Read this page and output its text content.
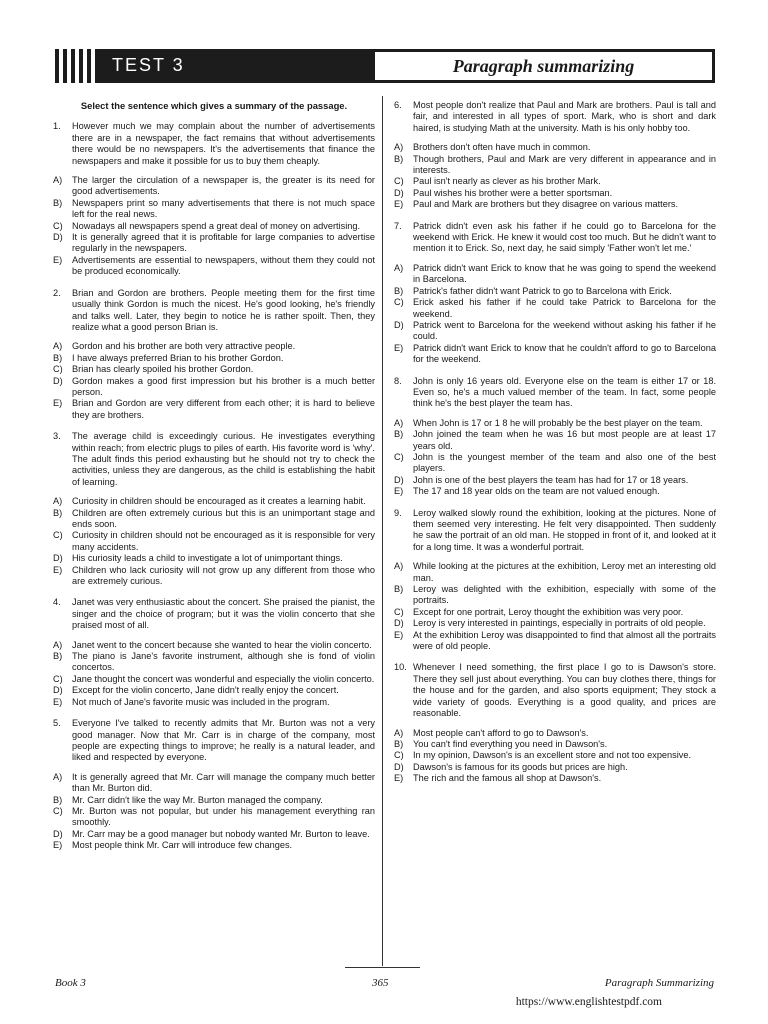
TEST 3	Paragraph summarizing
Select the sentence which gives a summary of the passage.
1.	However much we may complain about the number of advertisements there are in a newspaper, the fact remains that without advertisements there would be no newspapers. It's the advertisements that finance the newspapers and make it possible for us to buy them cheaply.
A)	The larger the circulation of a newspaper is, the greater is its need for good advertisements.
B)	Newspapers print so many advertisements that there is not much space left for the real news.
C)	Nowadays all newspapers spend a great deal of money on advertising.
D)	It is generally agreed that it is profitable for large companies to advertise regularly in the newspapers.
E)	Advertisements are essential to newspapers, without them they could not be produced economically.
2.	Brian and Gordon are brothers. People meeting them for the first time usually think Gordon is much the nicest. He's good looking, he's friendly and talks well. Later, they begin to notice he is rather spoilt. Then, they realize what a good person Brian is.
A)	Gordon and his brother are both very attractive people.
B)	I have always preferred Brian to his brother Gordon.
C)	Brian has clearly spoiled his brother Gordon.
D)	Gordon makes a good first impression but his brother is a much better person.
E)	Brian and Gordon are very different from each other; it is hard to believe they are brothers.
3.	The average child is exceedingly curious. He investigates everything within reach; from electric plugs to piles of earth. His favorite word is 'why'. The adult finds this period exhausting but he should not try to check the activities, unless they are dangerous, as the child is establishing the habit of learning.
A)	Curiosity in children should be encouraged as it creates a learning habit.
B)	Children are often extremely curious but this is an unimportant stage and ends soon.
C)	Curiosity in children should not be encouraged as it is responsible for very many accidents.
D)	His curiosity leads a child to investigate a lot of unimportant things.
E)	Children who lack curiosity will not grow up any different from those who are extremely curious.
4.	Janet was very enthusiastic about the concert. She praised the pianist, the singer and the choice of program; but it was the violin concerto that she praised most of all.
A)	Janet went to the concert because she wanted to hear the violin concerto.
B)	The piano is Jane's favorite instrument, although she is fond of violin concertos.
C)	Jane thought the concert was wonderful and especially the violin concerto.
D)	Except for the violin concerto, Jane didn't really enjoy the concert.
E)	Not much of Jane's favorite music was included in the program.
5.	Everyone I've talked to recently admits that Mr. Burton was not a very good manager. Now that Mr. Carr is in charge of the company, most people are expecting things to improve; he really is a natural leader, and liked and respected by everyone.
A)	It is generally agreed that Mr. Carr will manage the company much better than Mr. Burton did.
B)	Mr. Carr didn't like the way Mr. Burton managed the company.
C)	Mr. Burton was not popular, but under his management everything ran smoothly.
D)	Mr. Carr may be a good manager but nobody wanted Mr. Burton to leave.
E)	Most people think Mr. Carr will introduce few changes.
6.	Most people don't realize that Paul and Mark are brothers. Paul is tall and fair, and interested in all types of sport. Mark, who is short and dark haired, is studying Math at the university. Math is his only hobby too.
A)	Brothers don't often have much in common.
B)	Though brothers, Paul and Mark are very different in appearance and in interests.
C)	Paul isn't nearly as clever as his brother Mark.
D)	Paul wishes his brother were a better sportsman.
E)	Paul and Mark are brothers but they disagree on various matters.
7.	Patrick didn't even ask his father if he could go to Barcelona for the weekend with Erick. He knew it would cost too much. But he didn't want to mention it to Erick. So, next day, he said simply 'Father won't let me.'
A)	Patrick didn't want Erick to know that he was going to spend the weekend in Barcelona.
B)	Patrick's father didn't want Patrick to go to Barcelona with Erick.
C)	Erick asked his father if he could take Patrick to Barcelona for the weekend.
D)	Patrick went to Barcelona for the weekend without asking his father if he could.
E)	Patrick didn't want Erick to know that he couldn't afford to go to Barcelona for the weekend.
8.	John is only 16 years old. Everyone else on the team is either 17 or 18. Even so, he's a much valued member of the team. In fact, some people think he's the best player the team has.
A)	When John is 17 or 1 8 he will probably be the best player on the team.
B)	John joined the team when he was 16 but most people are at least 17 years old.
C)	John is the youngest member of the team and also one of the best players.
D)	John is one of the best players the team has had for 17 or 18 years.
E)	The 17 and 18 year olds on the team are not valued enough.
9.	Leroy walked slowly round the exhibition, looking at the pictures. None of them seemed very interesting. He felt very disappointed. Then suddenly he saw the portrait of an old man. He stopped in front of it, and looked at it for a long time. It was a wonderful portrait.
A)	While looking at the pictures at the exhibition, Leroy met an interesting old man.
B)	Leroy was delighted with the exhibition, especially with some of the portraits.
C)	Except for one portrait, Leroy thought the exhibition was very poor.
D)	Leroy is very interested in paintings, especially in portraits of old people.
E)	At the exhibition Leroy was disappointed to find that almost all the portraits were of old people.
10. Whenever I need something, the first place I go to is Dawson's store. There they sell just about everything. You can buy clothes there, things for the house and for the garden, and also sports equipment; They stock a wide variety of goods. Everything is a good quality, and prices are reasonable.
A)	Most people can't afford to go to Dawson's.
B)	You can't find everything you need in Dawson's.
C)	In my opinion, Dawson's is an excellent store and not too expensive.
D)	Dawson's is famous for its goods but prices are high.
E)	The rich and the famous all shop at Dawson's.
Book 3	365	Paragraph Summarizing
https://www.englishtestpdf.com
